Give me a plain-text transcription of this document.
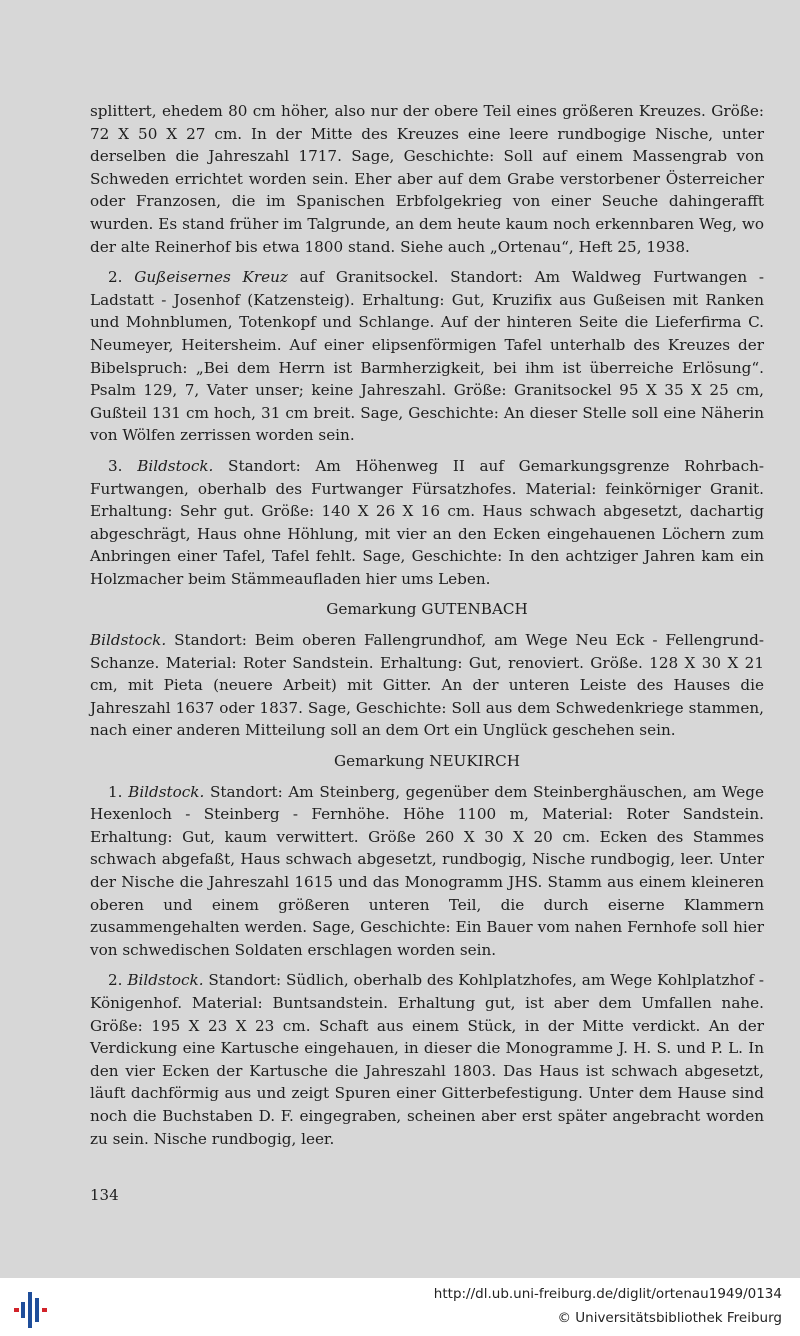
splittert, ehedem 80 cm höher, also nur der obere Teil eines größeren Kreuzes. Größe: 72 X 50 X 27 cm. In der Mitte des Kreuzes eine leere rundbogige Nische, unter derselben die Jahreszahl 1717. Sage, Geschichte: Soll auf einem Massengrab von Schweden errichtet worden sein. Eher aber auf dem Grabe verstorbener Österreicher oder Franzosen, die im Spanischen Erbfolgekrieg von einer Seuche dahingerafft wurden. Es stand früher im Talgrunde, an dem heute kaum noch erkennbaren Weg, wo der alte Reinerhof bis etwa 1800 stand. Siehe auch „Ortenau“, Heft 25, 1938.

2. Gußeisernes Kreuz auf Granitsockel. Standort: Am Waldweg Furtwangen - Ladstatt - Josenhof (Katzensteig). Erhaltung: Gut, Kruzifix aus Gußeisen mit Ranken und Mohnblumen, Totenkopf und Schlange. Auf der hinteren Seite die Lieferfirma C. Neumeyer, Heitersheim. Auf einer elipsenförmigen Tafel unterhalb des Kreuzes der Bibelspruch: „Bei dem Herrn ist Barmherzigkeit, bei ihm ist überreiche Erlösung“. Psalm 129, 7, Vater unser; keine Jahreszahl. Größe: Granitsockel 95 X 35 X 25 cm, Gußteil 131 cm hoch, 31 cm breit. Sage, Geschichte: An dieser Stelle soll eine Näherin von Wölfen zerrissen worden sein.

3. Bildstock. Standort: Am Höhenweg II auf Gemarkungsgrenze Rohrbach-Furtwangen, oberhalb des Furtwanger Fürsatzhofes. Material: feinkörniger Granit. Erhaltung: Sehr gut. Größe: 140 X 26 X 16 cm. Haus schwach abgesetzt, dachartig abgeschrägt, Haus ohne Höhlung, mit vier an den Ecken eingehauenen Löchern zum Anbringen einer Tafel, Tafel fehlt. Sage, Geschichte: In den achtziger Jahren kam ein Holzmacher beim Stämmeaufladen hier ums Leben.

Gemarkung GUTENBACH

Bildstock. Standort: Beim oberen Fallengrundhof, am Wege Neu Eck - Fellengrund-Schanze. Material: Roter Sandstein. Erhaltung: Gut, renoviert. Größe. 128 X 30 X 21 cm, mit Pieta (neuere Arbeit) mit Gitter. An der unteren Leiste des Hauses die Jahreszahl 1637 oder 1837. Sage, Geschichte: Soll aus dem Schwedenkriege stammen, nach einer anderen Mitteilung soll an dem Ort ein Unglück geschehen sein.

Gemarkung NEUKIRCH

1. Bildstock. Standort: Am Steinberg, gegenüber dem Steinberghäuschen, am Wege Hexenloch - Steinberg - Fernhöhe. Höhe 1100 m, Material: Roter Sandstein. Erhaltung: Gut, kaum verwittert. Größe 260 X 30 X 20 cm. Ecken des Stammes schwach abgefaßt, Haus schwach abgesetzt, rundbogig, Nische rundbogig, leer. Unter der Nische die Jahreszahl 1615 und das Monogramm JHS. Stamm aus einem kleineren oberen und einem größeren unteren Teil, die durch eiserne Klammern zusammengehalten werden. Sage, Geschichte: Ein Bauer vom nahen Fernhofe soll hier von schwedischen Soldaten erschlagen worden sein.

2. Bildstock. Standort: Südlich, oberhalb des Kohlplatzhofes, am Wege Kohlplatzhof - Königenhof. Material: Buntsandstein. Erhaltung gut, ist aber dem Umfallen nahe. Größe: 195 X 23 X 23 cm. Schaft aus einem Stück, in der Mitte verdickt. An der Verdickung eine Kartusche eingehauen, in dieser die Monogramme J. H. S. und P. L. In den vier Ecken der Kartusche die Jahreszahl 1803. Das Haus ist schwach abgesetzt, läuft dachförmig aus und zeigt Spuren einer Gitterbefestigung. Unter dem Hause sind noch die Buchstaben D. F. eingegraben, scheinen aber erst später angebracht worden zu sein. Nische rundbogig, leer.

134
http://dl.ub.uni-freiburg.de/diglit/ortenau1949/0134
© Universitätsbibliothek Freiburg
